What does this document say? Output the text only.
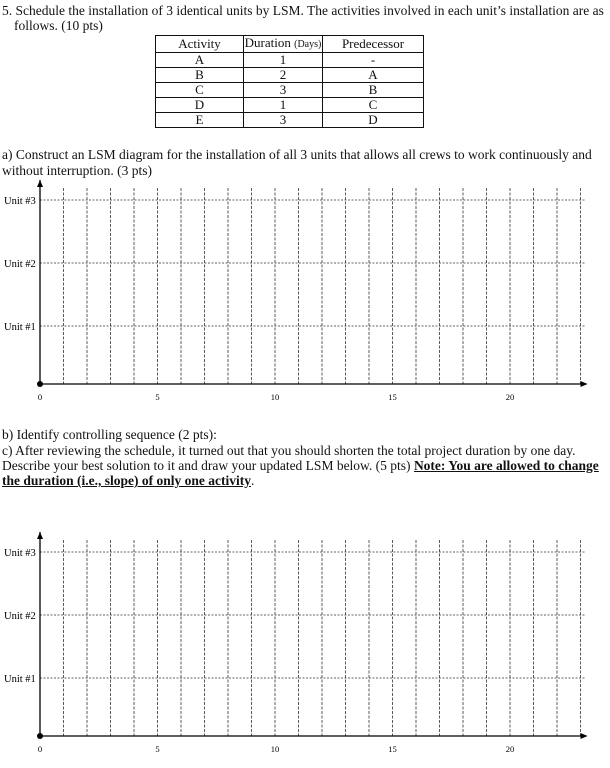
5. Schedule the installation of 3 identical units by LSM. The activities involved in each unit’s installation are as
follows. (10 pts)
Activity	Duration (Days)	Predecessor
A	1	-
B	2	A
C	3	B
D	1	C
E	3	D
a) Construct an LSM diagram for the installation of all 3 units that allows all crews to work continuously and
without interruption. (3 pts)
Unit #3
Unit #2
Unit #1
0	5	10	15	20
b) Identify controlling sequence (2 pts):
c) After reviewing the schedule, it turned out that you should shorten the total project duration by one day.
Describe your best solution to it and draw your updated LSM below. (5 pts) Note: You are allowed to change
the duration (i.e., slope) of only one activity.
Unit #3
Unit #2
Unit #1
0	5	10	15	20
